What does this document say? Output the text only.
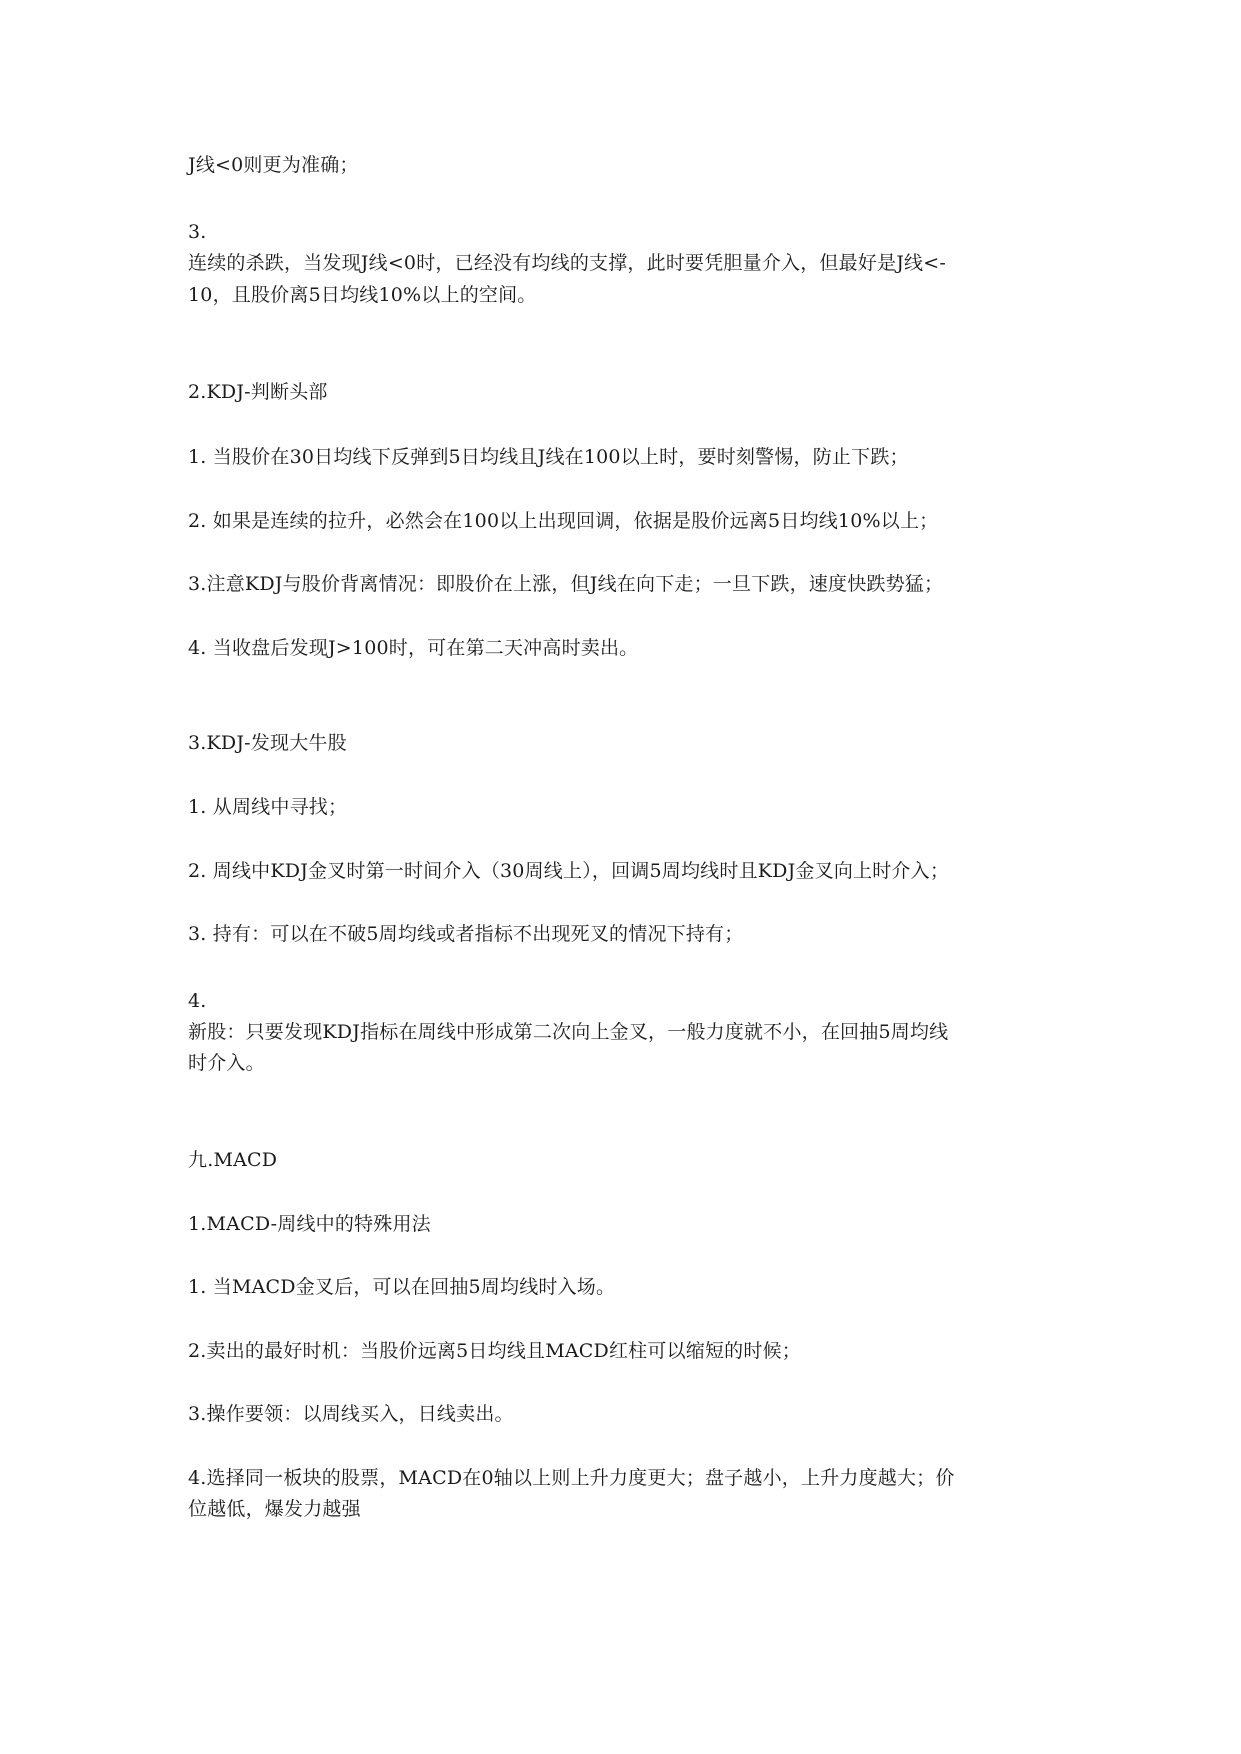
J线<0则更为准确；
3.
连续的杀跌，当发现J线<0时，已经没有均线的支撑，此时要凭胆量介入，但最好是J线<-
10，且股价离5日均线10%以上的空间。
2.KDJ-判断头部
1. 当股价在30日均线下反弹到5日均线且J线在100以上时，要时刻警惕，防止下跌；
2. 如果是连续的拉升，必然会在100以上出现回调，依据是股价远离5日均线10%以上；
3.注意KDJ与股价背离情况：即股价在上涨，但J线在向下走；一旦下跌，速度快跌势猛；
4. 当收盘后发现J>100时，可在第二天冲高时卖出。
3.KDJ-发现大牛股
1. 从周线中寻找；
2. 周线中KDJ金叉时第一时间介入（30周线上），回调5周均线时且KDJ金叉向上时介入；
3. 持有：可以在不破5周均线或者指标不出现死叉的情况下持有；
4.
新股：只要发现KDJ指标在周线中形成第二次向上金叉，一般力度就不小，在回抽5周均线
时介入。
九.MACD
1.MACD-周线中的特殊用法
1. 当MACD金叉后，可以在回抽5周均线时入场。
2.卖出的最好时机：当股价远离5日均线且MACD红柱可以缩短的时候；
3.操作要领：以周线买入，日线卖出。
4.选择同一板块的股票，MACD在0轴以上则上升力度更大；盘子越小，上升力度越大；价
位越低，爆发力越强
